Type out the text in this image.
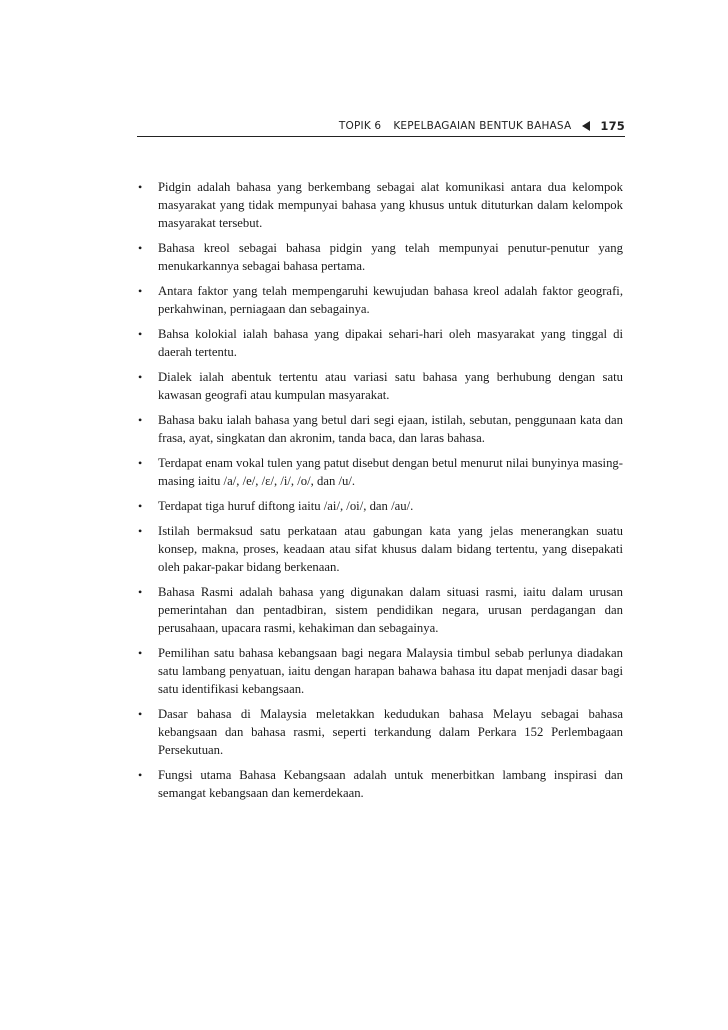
TOPIK 6 KEPELBAGAIAN BENTUK BAHASA	175
• Pidgin adalah bahasa yang berkembang sebagai alat komunikasi antara dua kelompok masyarakat yang tidak mempunyai bahasa yang khusus untuk dituturkan dalam kelompok masyarakat tersebut.
• Bahasa kreol sebagai bahasa pidgin yang telah mempunyai penutur-penutur yang menukarkannya sebagai bahasa pertama.
• Antara faktor yang telah mempengaruhi kewujudan bahasa kreol adalah faktor geografi, perkahwinan, perniagaan dan sebagainya.
• Bahsa kolokial ialah bahasa yang dipakai sehari-hari oleh masyarakat yang tinggal di daerah tertentu.
• Dialek ialah abentuk tertentu atau variasi satu bahasa yang berhubung dengan satu kawasan geografi atau kumpulan masyarakat.
• Bahasa baku ialah bahasa yang betul dari segi ejaan, istilah, sebutan, penggunaan kata dan frasa, ayat, singkatan dan akronim, tanda baca, dan laras bahasa.
• Terdapat enam vokal tulen yang patut disebut dengan betul menurut nilai bunyinya masing-masing iaitu /a/, /e/, /ɛ/, /i/, /o/, dan /u/.
• Terdapat tiga huruf diftong iaitu /ai/, /oi/, dan /au/.
• Istilah bermaksud satu perkataan atau gabungan kata yang jelas menerangkan suatu konsep, makna, proses, keadaan atau sifat khusus dalam bidang tertentu, yang disepakati oleh pakar-pakar bidang berkenaan.
• Bahasa Rasmi adalah bahasa yang digunakan dalam situasi rasmi, iaitu dalam urusan pemerintahan dan pentadbiran, sistem pendidikan negara, urusan perdagangan dan perusahaan, upacara rasmi, kehakiman dan sebagainya.
• Pemilihan satu bahasa kebangsaan bagi negara Malaysia timbul sebab perlunya diadakan satu lambang penyatuan, iaitu dengan harapan bahawa bahasa itu dapat menjadi dasar bagi satu identifikasi kebangsaan.
• Dasar bahasa di Malaysia meletakkan kedudukan bahasa Melayu sebagai bahasa kebangsaan dan bahasa rasmi, seperti terkandung dalam Perkara 152 Perlembagaan Persekutuan.
• Fungsi utama Bahasa Kebangsaan adalah untuk menerbitkan lambang inspirasi dan semangat kebangsaan dan kemerdekaan.
